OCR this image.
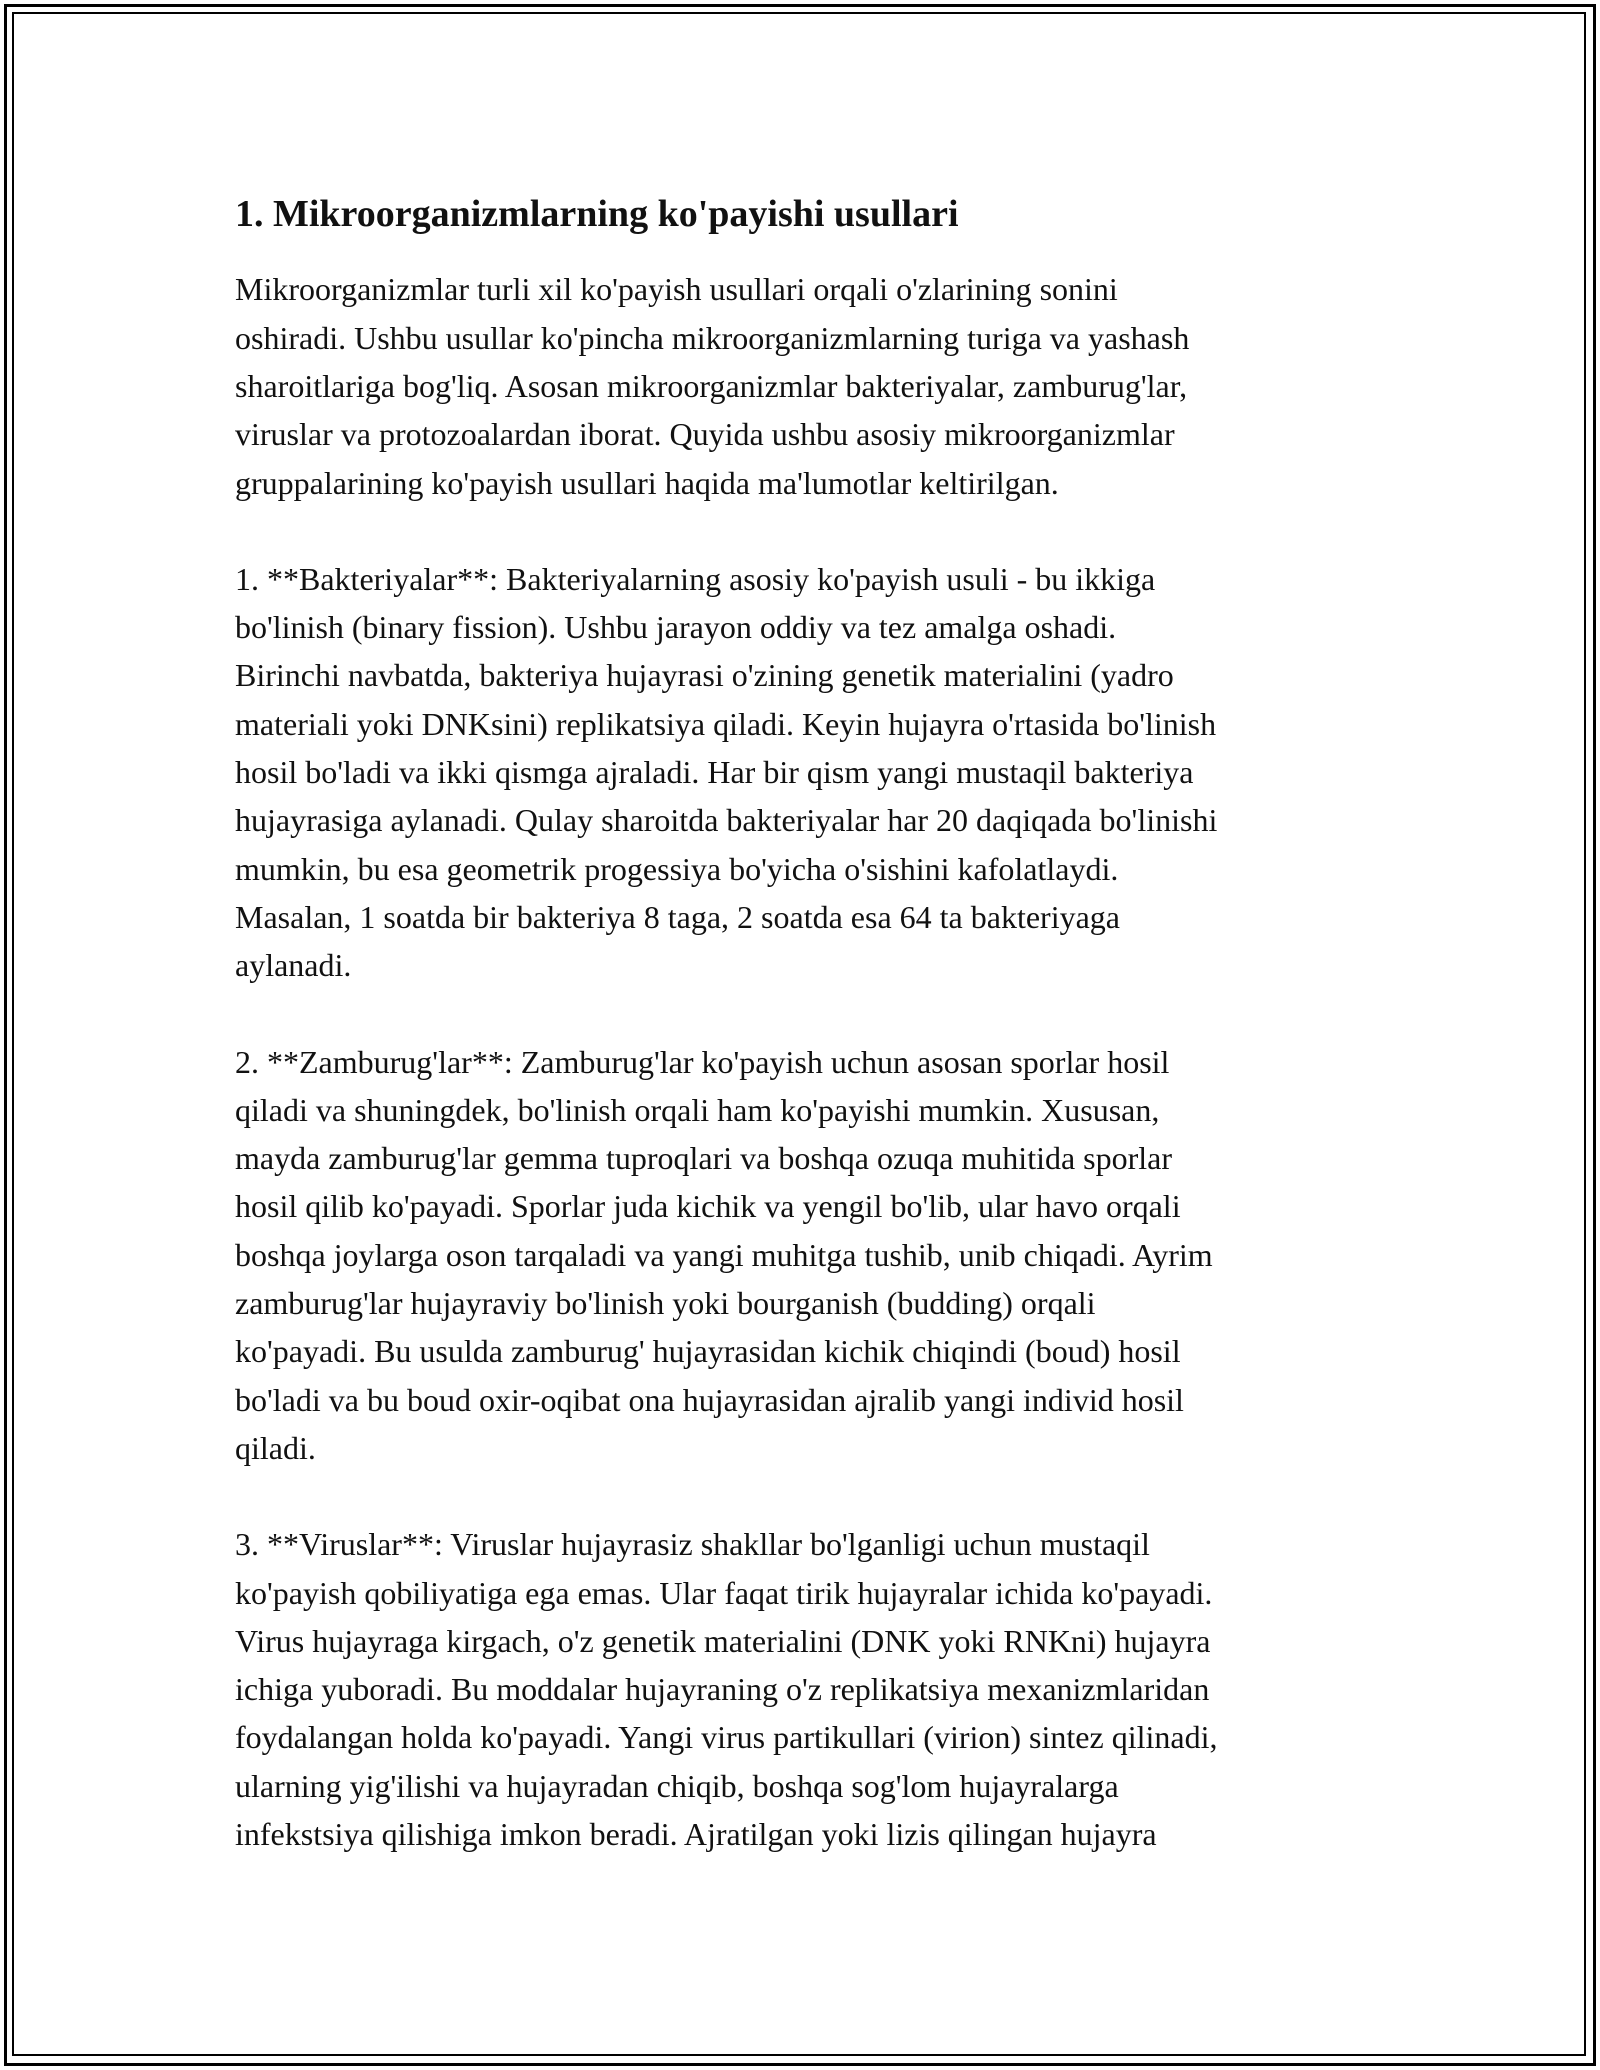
1. Mikroorganizmlarning ko'payishi usullari

Mikroorganizmlar turli xil ko'payish usullari orqali o'zlarining sonini
oshiradi. Ushbu usullar ko'pincha mikroorganizmlarning turiga va yashash
sharoitlariga bog'liq. Asosan mikroorganizmlar bakteriyalar, zamburug'lar,
viruslar va protozoalardan iborat. Quyida ushbu asosiy mikroorganizmlar
gruppalarining ko'payish usullari haqida ma'lumotlar keltirilgan.

1. **Bakteriyalar**: Bakteriyalarning asosiy ko'payish usuli - bu ikkiga
bo'linish (binary fission). Ushbu jarayon oddiy va tez amalga oshadi.
Birinchi navbatda, bakteriya hujayrasi o'zining genetik materialini (yadro
materiali yoki DNKsini) replikatsiya qiladi. Keyin hujayra o'rtasida bo'linish
hosil bo'ladi va ikki qismga ajraladi. Har bir qism yangi mustaqil bakteriya
hujayrasiga aylanadi. Qulay sharoitda bakteriyalar har 20 daqiqada bo'linishi
mumkin, bu esa geometrik progessiya bo'yicha o'sishini kafolatlaydi.
Masalan, 1 soatda bir bakteriya 8 taga, 2 soatda esa 64 ta bakteriyaga
aylanadi.

2. **Zamburug'lar**: Zamburug'lar ko'payish uchun asosan sporlar hosil
qiladi va shuningdek, bo'linish orqali ham ko'payishi mumkin. Xususan,
mayda zamburug'lar gemma tuproqlari va boshqa ozuqa muhitida sporlar
hosil qilib ko'payadi. Sporlar juda kichik va yengil bo'lib, ular havo orqali
boshqa joylarga oson tarqaladi va yangi muhitga tushib, unib chiqadi. Ayrim
zamburug'lar hujayraviy bo'linish yoki bourganish (budding) orqali
ko'payadi. Bu usulda zamburug' hujayrasidan kichik chiqindi (boud) hosil
bo'ladi va bu boud oxir-oqibat ona hujayrasidan ajralib yangi individ hosil
qiladi.

3. **Viruslar**: Viruslar hujayrasiz shakllar bo'lganligi uchun mustaqil
ko'payish qobiliyatiga ega emas. Ular faqat tirik hujayralar ichida ko'payadi.
Virus hujayraga kirgach, o'z genetik materialini (DNK yoki RNKni) hujayra
ichiga yuboradi. Bu moddalar hujayraning o'z replikatsiya mexanizmlaridan
foydalangan holda ko'payadi. Yangi virus partikullari (virion) sintez qilinadi,
ularning yig'ilishi va hujayradan chiqib, boshqa sog'lom hujayralarga
infekstsiya qilishiga imkon beradi. Ajratilgan yoki lizis qilingan hujayra
